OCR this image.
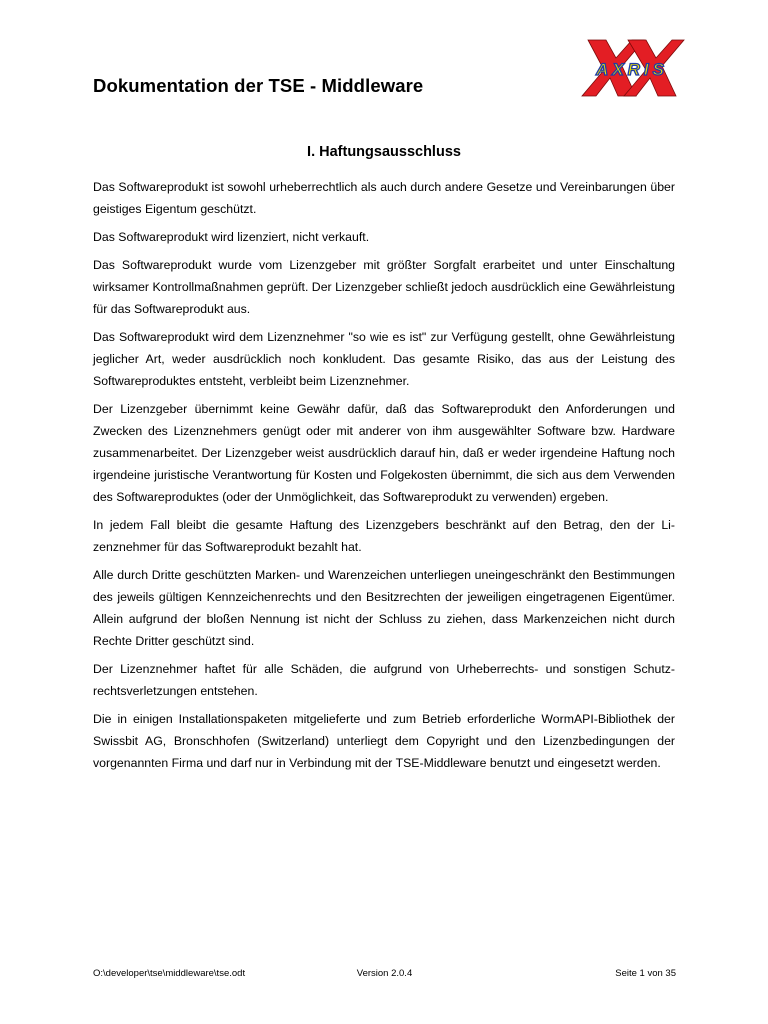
Dokumentation der TSE - Middleware
AXRIS
I. Haftungsausschluss

Das Softwareprodukt ist sowohl urheberrechtlich als auch durch andere Gesetze und Vereinbarungen über geistiges Eigentum geschützt.

Das Softwareprodukt wird lizenziert, nicht verkauft.

Das Softwareprodukt wurde vom Lizenzgeber mit größter Sorgfalt erarbeitet und unter Einschaltung wirksamer Kontrollmaßnahmen geprüft. Der Lizenzgeber schließt jedoch ausdrücklich eine Gewährleistung für das Softwareprodukt aus.

Das Softwareprodukt wird dem Lizenznehmer "so wie es ist" zur Verfügung gestellt, ohne Gewährleistung jeglicher Art, weder ausdrücklich noch konkludent. Das gesamte Risiko, das aus der Leistung des Softwareproduktes entsteht, verbleibt beim Lizenznehmer.

Der Lizenzgeber übernimmt keine Gewähr dafür, daß das Softwareprodukt den Anforderungen und Zwecken des Lizenznehmers genügt oder mit anderer von ihm ausgewählter Software bzw. Hardware zusammenarbeitet. Der Lizenzgeber weist ausdrücklich darauf hin, daß er weder irgendeine Haftung noch irgendeine juristische Verantwortung für Kosten und Folgekosten übernimmt, die sich aus dem Verwenden des Softwareproduktes (oder der Unmöglichkeit, das Softwareprodukt zu verwenden) ergeben.

In jedem Fall bleibt die gesamte Haftung des Lizenzgebers beschränkt auf den Betrag, den der Lizenznehmer für das Softwareprodukt bezahlt hat.

Alle durch Dritte geschützten Marken- und Warenzeichen unterliegen uneingeschränkt den Bestimmungen des jeweils gültigen Kennzeichenrechts und den Besitzrechten der jeweiligen eingetragenen Eigentümer. Allein aufgrund der bloßen Nennung ist nicht der Schluss zu ziehen, dass Markenzeichen nicht durch Rechte Dritter geschützt sind.

Der Lizenznehmer haftet für alle Schäden, die aufgrund von Urheberrechts- und sonstigen Schutzrechtsverletzungen entstehen.

Die in einigen Installationspaketen mitgelieferte und zum Betrieb erforderliche WormAPI-Bibliothek der Swissbit AG, Bronschhofen (Switzerland) unterliegt dem Copyright und den Lizenzbedingungen der vorgenannten Firma und darf nur in Verbindung mit der TSE-Middleware benutzt und eingesetzt werden.

O:\developer\tse\middleware\tse.odt	Version 2.0.4	Seite 1 von 35
